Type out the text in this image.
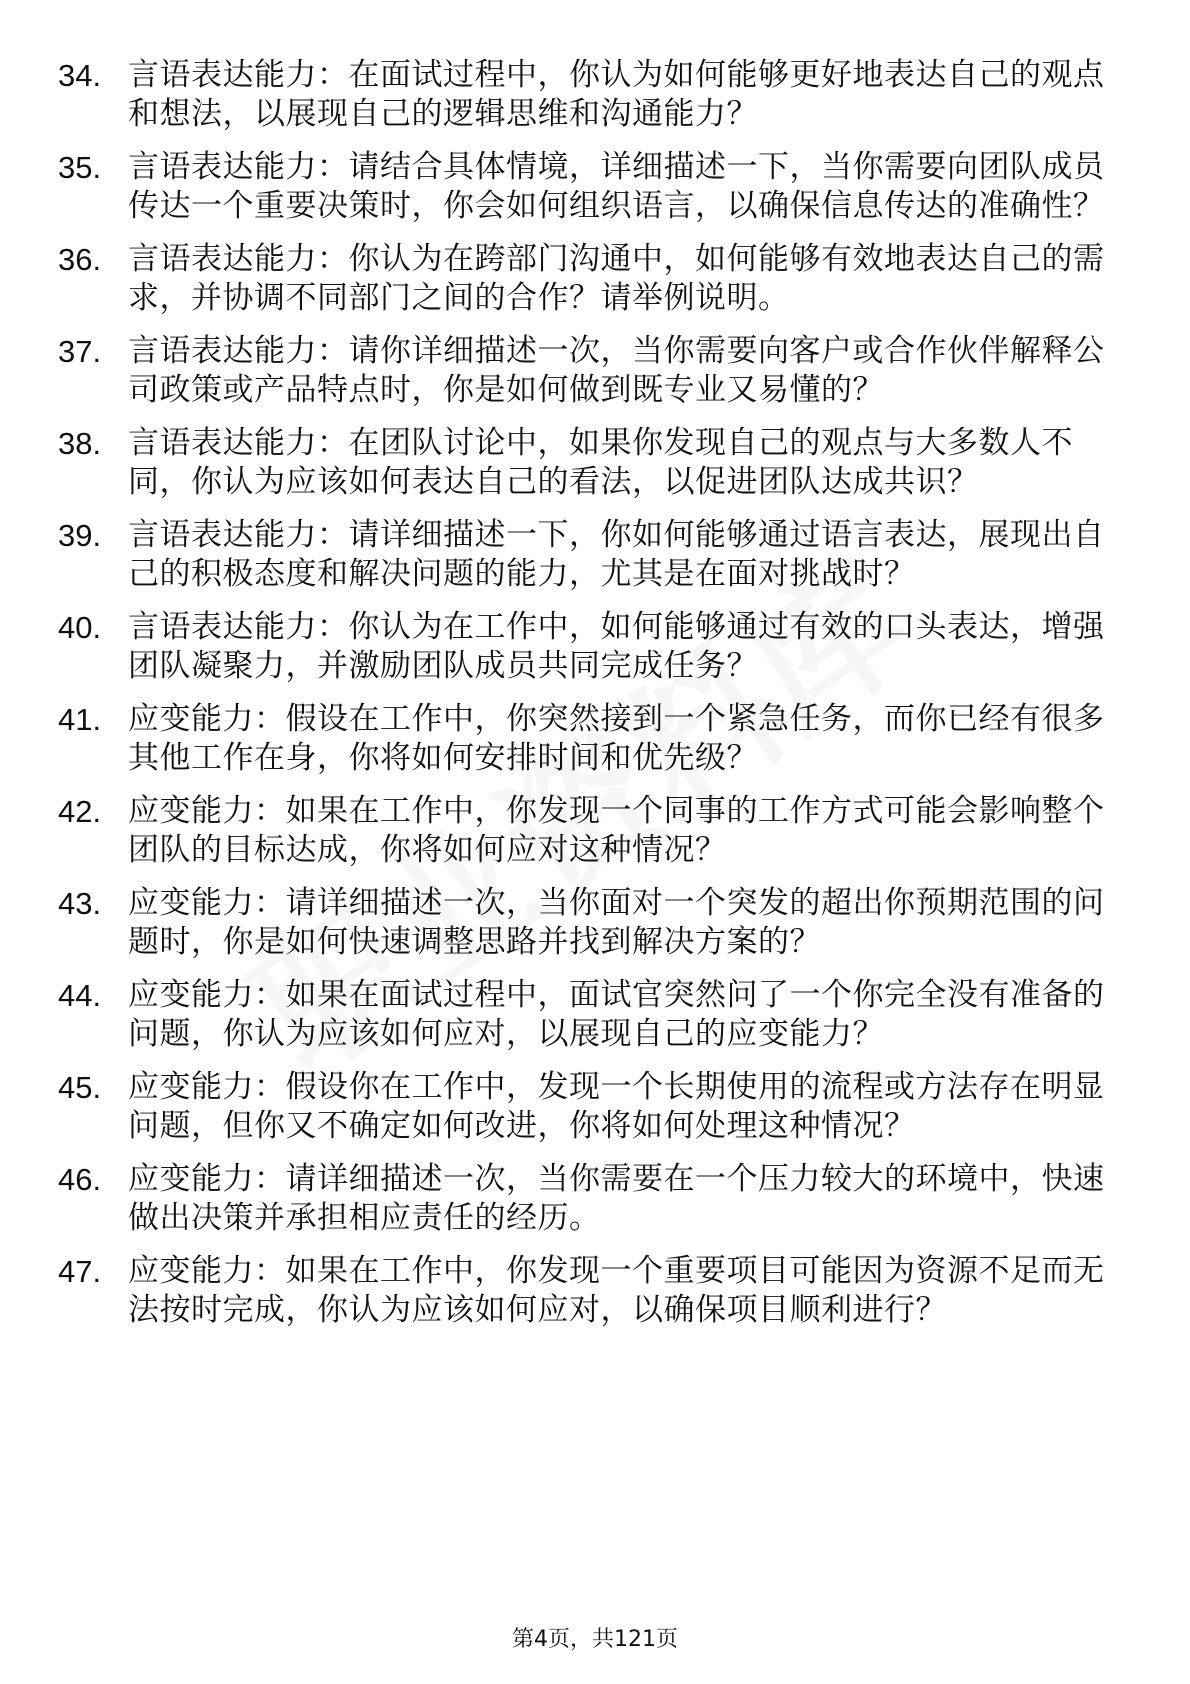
34. 言语表达能力：在面试过程中，你认为如何能够更好地表达自己的观点和想法，以展现自己的逻辑思维和沟通能力？
35. 言语表达能力：请结合具体情境，详细描述一下，当你需要向团队成员传达一个重要决策时，你会如何组织语言，以确保信息传达的准确性？
36. 言语表达能力：你认为在跨部门沟通中，如何能够有效地表达自己的需求，并协调不同部门之间的合作？请举例说明。
37. 言语表达能力：请你详细描述一次，当你需要向客户或合作伙伴解释公司政策或产品特点时，你是如何做到既专业又易懂的？
38. 言语表达能力：在团队讨论中，如果你发现自己的观点与大多数人不同，你认为应该如何表达自己的看法，以促进团队达成共识？
39. 言语表达能力：请详细描述一下，你如何能够通过语言表达，展现出自己的积极态度和解决问题的能力，尤其是在面对挑战时？
40. 言语表达能力：你认为在工作中，如何能够通过有效的口头表达，增强团队凝聚力，并激励团队成员共同完成任务？
41. 应变能力：假设在工作中，你突然接到一个紧急任务，而你已经有很多其他工作在身，你将如何安排时间和优先级？
42. 应变能力：如果在工作中，你发现一个同事的工作方式可能会影响整个团队的目标达成，你将如何应对这种情况？
43. 应变能力：请详细描述一次，当你面对一个突发的超出你预期范围的问题时，你是如何快速调整思路并找到解决方案的？
44. 应变能力：如果在面试过程中，面试官突然问了一个你完全没有准备的问题，你认为应该如何应对，以展现自己的应变能力？
45. 应变能力：假设你在工作中，发现一个长期使用的流程或方法存在明显问题，但你又不确定如何改进，你将如何处理这种情况？
46. 应变能力：请详细描述一次，当你需要在一个压力较大的环境中，快速做出决策并承担相应责任的经历。
47. 应变能力：如果在工作中，你发现一个重要项目可能因为资源不足而无法按时完成，你认为应该如何应对，以确保项目顺利进行？
第4页，共121页
